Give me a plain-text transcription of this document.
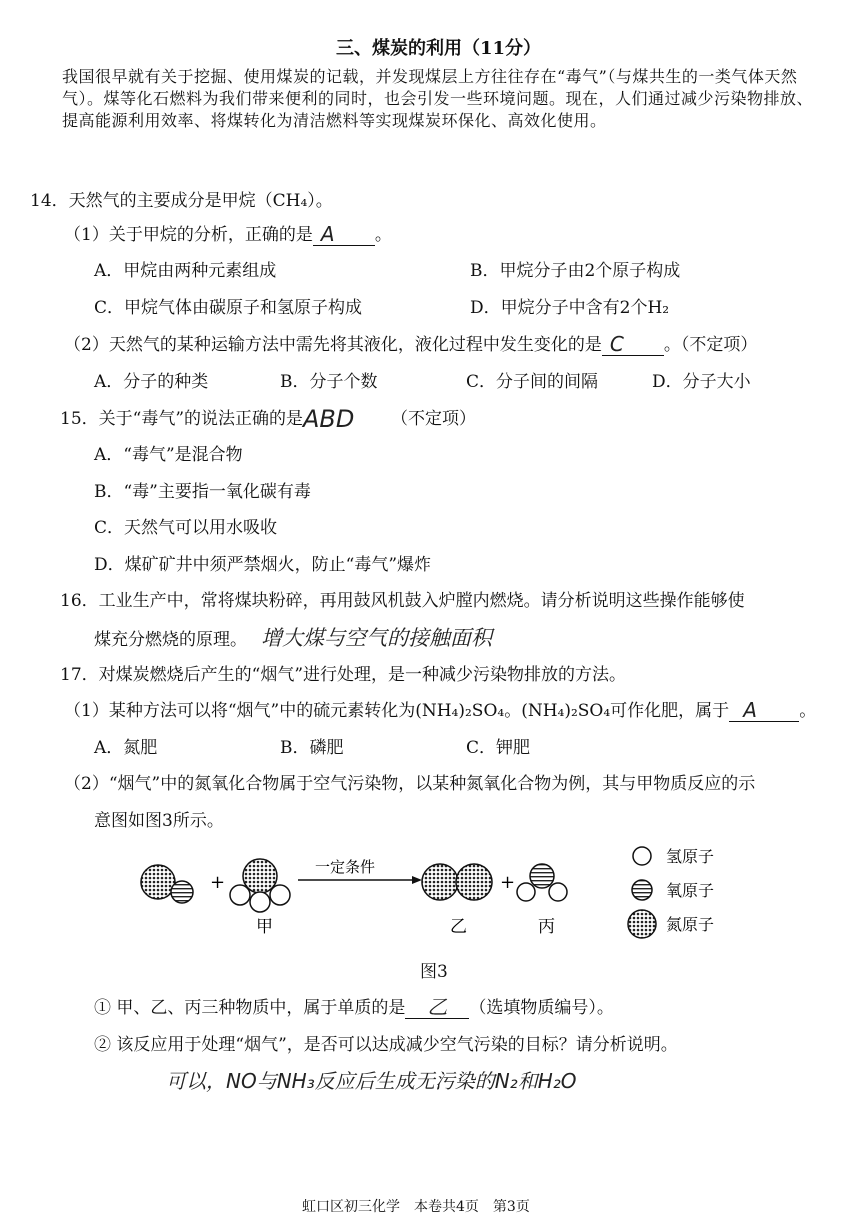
三、煤炭的利用（11分）
我国很早就有关于挖掘、使用煤炭的记载，并发现煤层上方往往存在“毒气”（与煤共生的一类气体天然气）。煤等化石燃料为我们带来便利的同时，也会引发一些环境问题。现在，人们通过减少污染物排放、提高能源利用效率、将煤转化为清洁燃料等实现煤炭环保化、高效化使用。
14．天然气的主要成分是甲烷（CH₄）。
（1）关于甲烷的分析，正确的是 A 。
A．甲烷由两种元素组成	B．甲烷分子由2个原子构成
C．甲烷气体由碳原子和氢原子构成	D．甲烷分子中含有2个H₂
（2）天然气的某种运输方法中需先将其液化，液化过程中发生变化的是 C 。（不定项）
A．分子的种类	B．分子个数	C．分子间的间隔	D．分子大小
15．关于“毒气”的说法正确的是 ABD （不定项）
A．“毒气”是混合物
B．“毒”主要指一氧化碳有毒
C．天然气可以用水吸收
D．煤矿矿井中须严禁烟火，防止“毒气”爆炸
16．工业生产中，常将煤块粉碎，再用鼓风机鼓入炉膛内燃烧。请分析说明这些操作能够使
煤充分燃烧的原理。 增大煤与空气的接触面积
17．对煤炭燃烧后产生的“烟气”进行处理，是一种减少污染物排放的方法。
（1）某种方法可以将“烟气”中的硫元素转化为(NH₄)₂SO₄。(NH₄)₂SO₄可作化肥，属于 A 。
A．氮肥	B．磷肥	C．钾肥
（2）“烟气”中的氮氧化合物属于空气污染物，以某种氮氧化合物为例，其与甲物质反应的示
意图如图3所示。
+
一定条件
+
甲	乙	丙
氢原子
氧原子
氮原子
图3
① 甲、乙、丙三种物质中，属于单质的是 乙 （选填物质编号）。
② 该反应用于处理“烟气”，是否可以达成减少空气污染的目标？请分析说明。
可以，NO与NH₃反应后生成无污染的N₂和H₂O
虹口区初三化学　本卷共4页　第3页
